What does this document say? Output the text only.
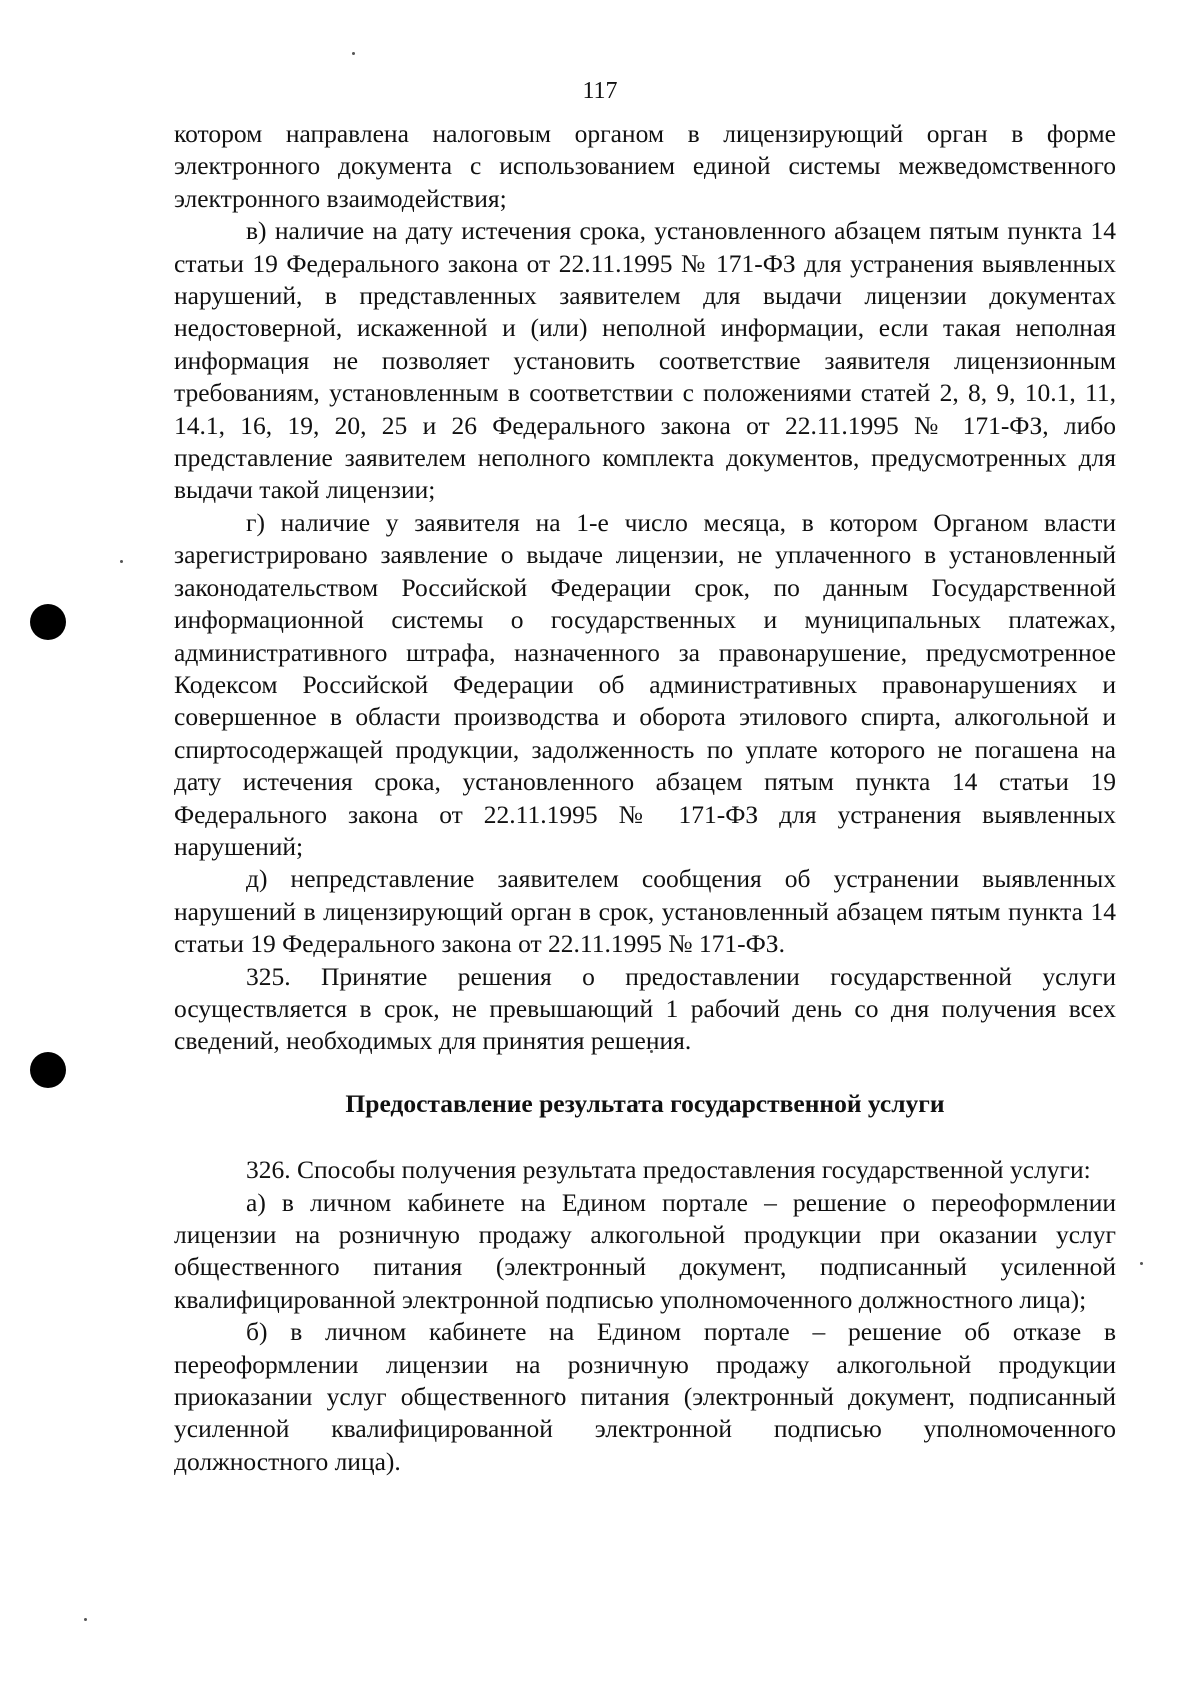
117

котором направлена налоговым органом в лицензирующий орган в форме электронного документа с использованием единой системы межведомственного электронного взаимодействия;

в) наличие на дату истечения срока, установленного абзацем пятым пункта 14 статьи 19 Федерального закона от 22.11.1995 № 171-ФЗ для устранения выявленных нарушений, в представленных заявителем для выдачи лицензии документах недостоверной, искаженной и (или) неполной информации, если такая неполная информация не позволяет установить соответствие заявителя лицензионным требованиям, установленным в соответствии с положениями статей 2, 8, 9, 10.1, 11, 14.1, 16, 19, 20, 25 и 26 Федерального закона от 22.11.1995 № 171-ФЗ, либо представление заявителем неполного комплекта документов, предусмотренных для выдачи такой лицензии;

г) наличие у заявителя на 1-е число месяца, в котором Органом власти зарегистрировано заявление о выдаче лицензии, не уплаченного в установленный законодательством Российской Федерации срок, по данным Государственной информационной системы о государственных и муниципальных платежах, административного штрафа, назначенного за правонарушение, предусмотренное Кодексом Российской Федерации об административных правонарушениях и совершенное в области производства и оборота этилового спирта, алкогольной и спиртосодержащей продукции, задолженность по уплате которого не погашена на дату истечения срока, установленного абзацем пятым пункта 14 статьи 19 Федерального закона от 22.11.1995 № 171-ФЗ для устранения выявленных нарушений;

д) непредставление заявителем сообщения об устранении выявленных нарушений в лицензирующий орган в срок, установленный абзацем пятым пункта 14 статьи 19 Федерального закона от 22.11.1995 № 171-ФЗ.

325. Принятие решения о предоставлении государственной услуги осуществляется в срок, не превышающий 1 рабочий день со дня получения всех сведений, необходимых для принятия решения.

Предоставление результата государственной услуги

326. Способы получения результата предоставления государственной услуги:

а) в личном кабинете на Едином портале – решение о переоформлении лицензии на розничную продажу алкогольной продукции при оказании услуг общественного питания (электронный документ, подписанный усиленной квалифицированной электронной подписью уполномоченного должностного лица);

б) в личном кабинете на Едином портале – решение об отказе в переоформлении лицензии на розничную продажу алкогольной продукции приоказании услуг общественного питания (электронный документ, подписанный усиленной квалифицированной электронной подписью уполномоченного должностного лица).
